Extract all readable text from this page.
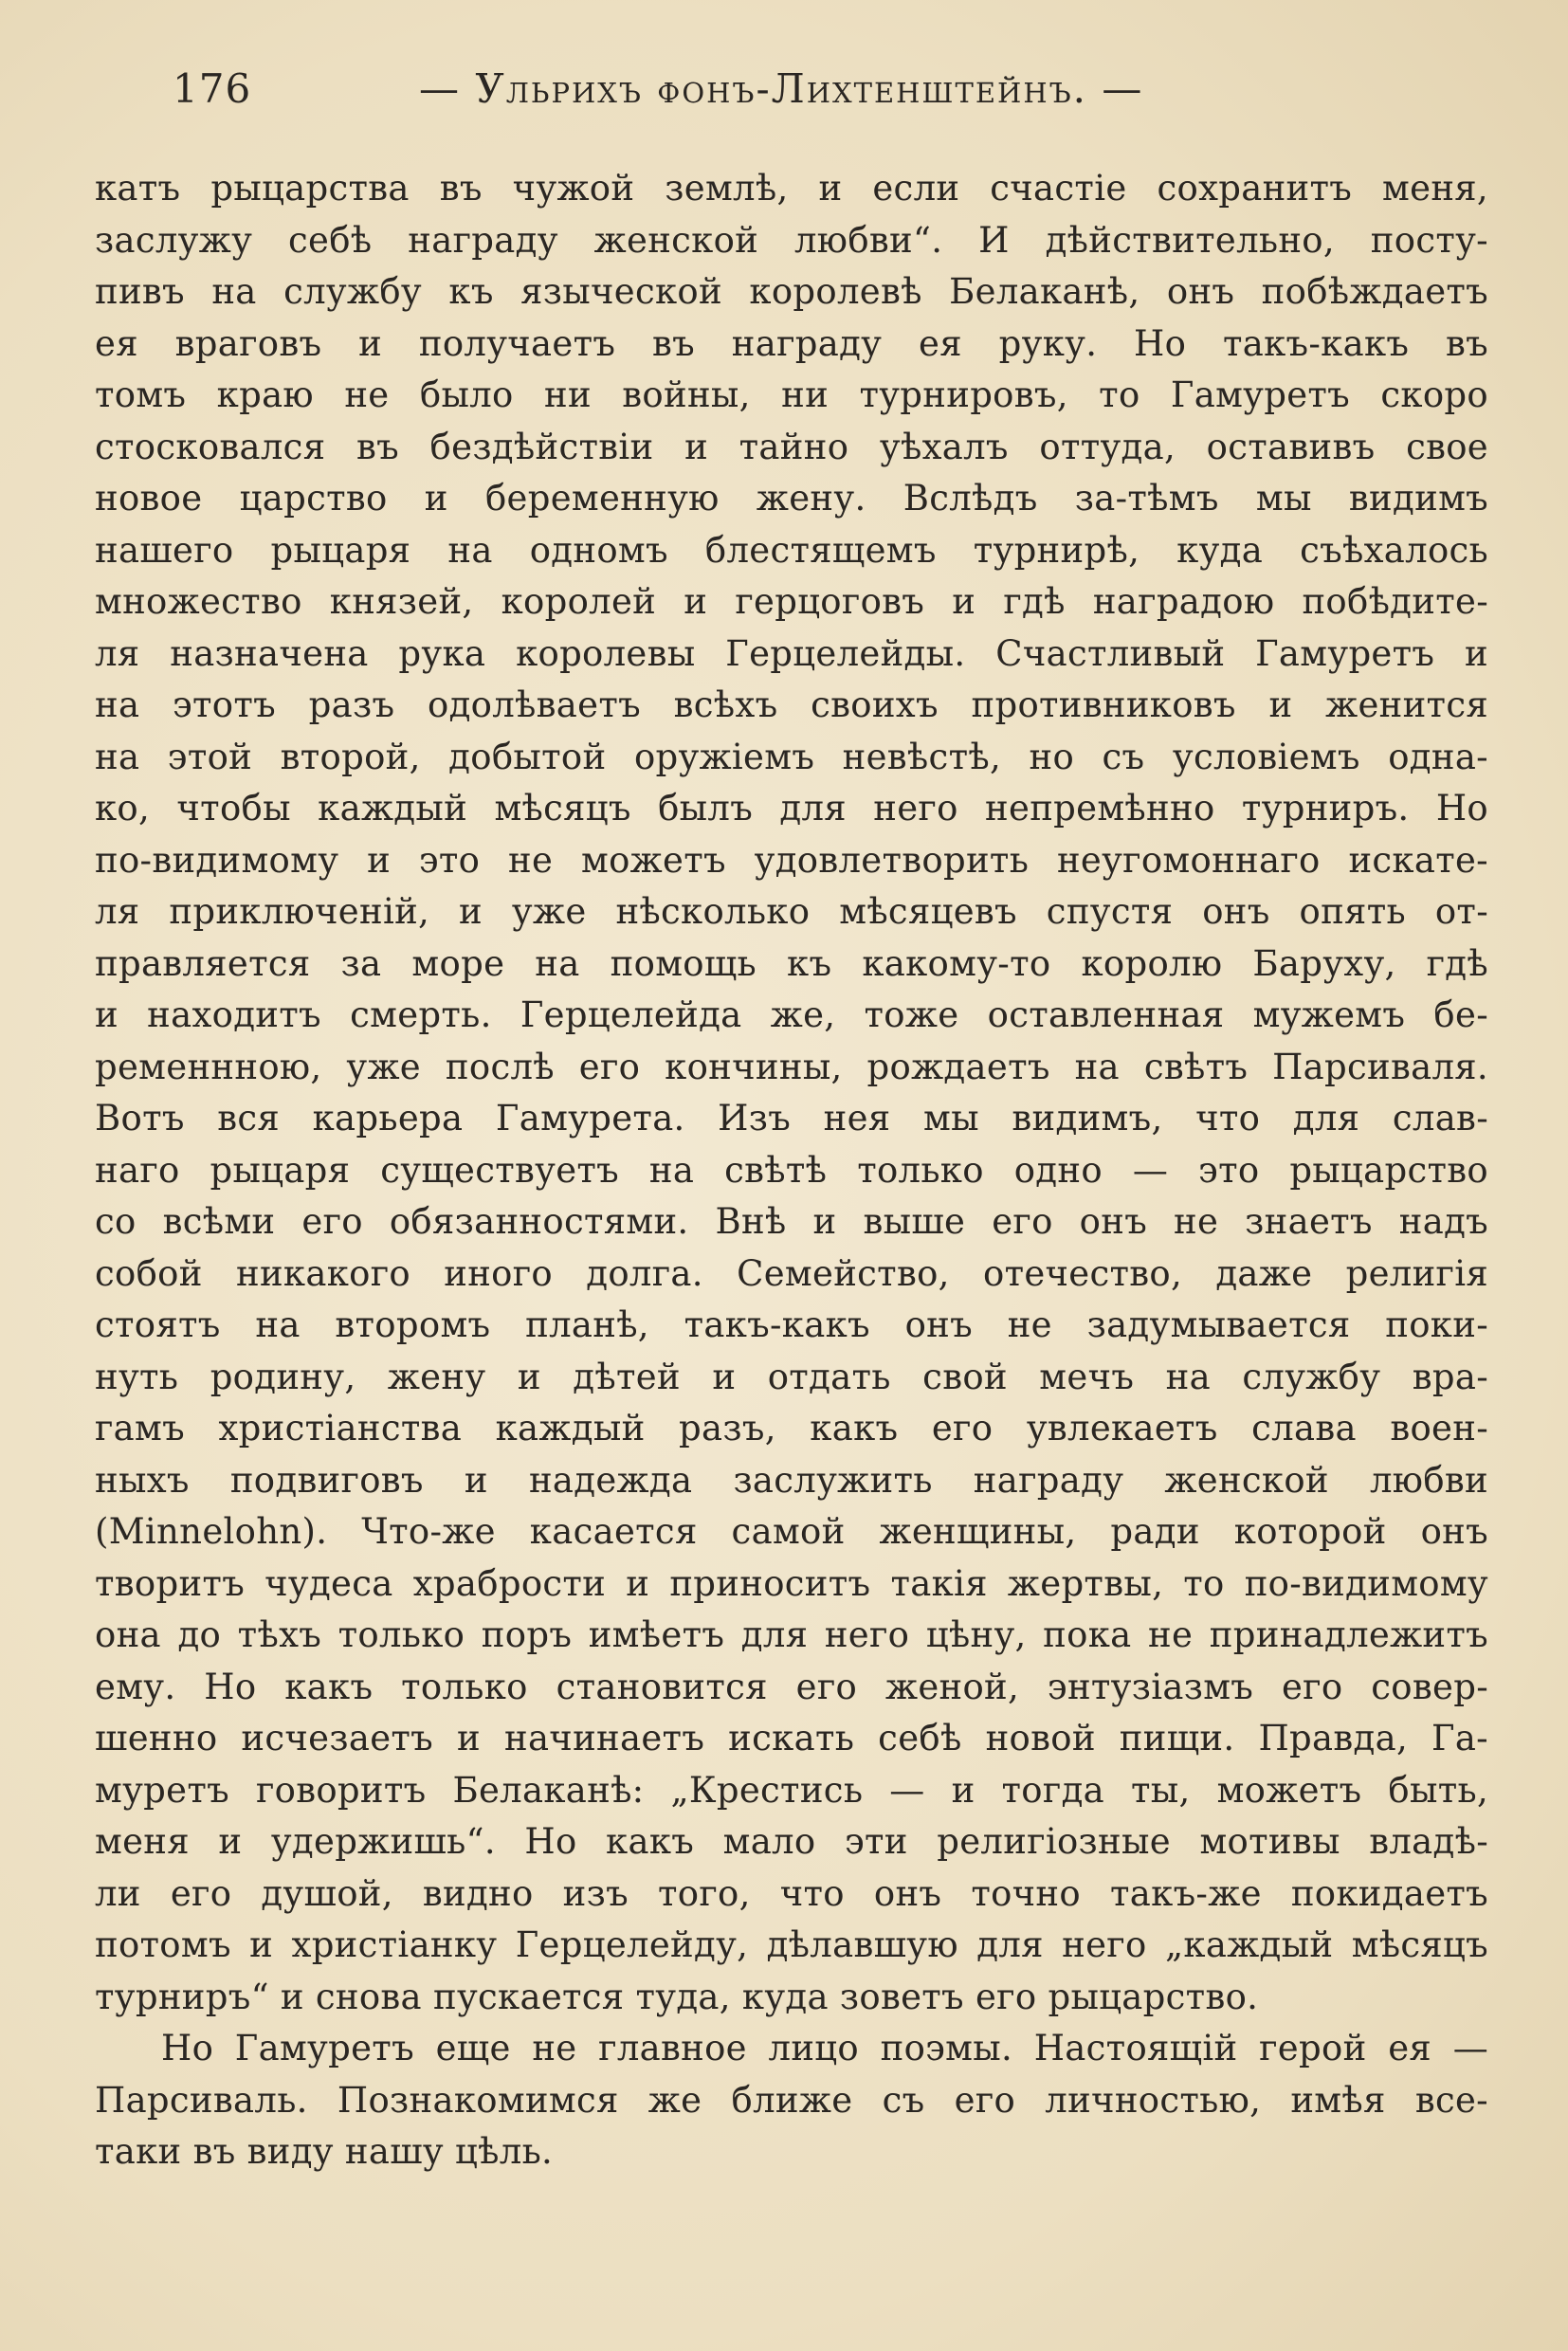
176	— Ульрихъ фонъ-Лихтенштейнъ. —
катъ рыцарства въ чужой землѣ, и если счастіе сохранитъ меня,
заслужу себѣ награду женской любви“. И дѣйствительно, посту-
пивъ на службу къ языческой королевѣ Белаканѣ, онъ побѣждаетъ
ея враговъ и получаетъ въ награду ея руку. Но такъ-какъ въ
томъ краю не было ни войны, ни турнировъ, то Гамуретъ скоро
стосковался въ бездѣйствіи и тайно уѣхалъ оттуда, оставивъ свое
новое царство и беременную жену. Вслѣдъ за-тѣмъ мы видимъ
нашего рыцаря на одномъ блестящемъ турнирѣ, куда съѣхалось
множество князей, королей и герцоговъ и гдѣ наградою побѣдите-
ля назначена рука королевы Герцелейды. Счастливый Гамуретъ и
на этотъ разъ одолѣваетъ всѣхъ своихъ противниковъ и женится
на этой второй, добытой оружіемъ невѣстѣ, но съ условіемъ однa-
ко, чтобы каждый мѣсяцъ былъ для него непремѣнно турниръ. Но
по-видимому и это не можетъ удовлетворить неугомоннаго искате-
ля приключеній, и уже нѣсколько мѣсяцевъ спустя онъ опять от-
правляется за море на помощь къ какому-то королю Баруху, гдѣ
и находитъ смерть. Герцелейда же, тоже оставленная мужемъ бе-
ременнною, уже послѣ его кончины, рождаетъ на свѣтъ Парсиваля.
Вотъ вся карьера Гамурета. Изъ нея мы видимъ, что для слав-
наго рыцаря существуетъ на свѣтѣ только одно — это рыцарство
со всѣми его обязанностями. Внѣ и выше его онъ не знаетъ надъ
собой никакого иного долга. Семейство, отечество, даже религія
стоятъ на второмъ планѣ, такъ-какъ онъ не задумывается поки-
нуть родину, жену и дѣтей и отдать свой мечъ на службу вра-
гамъ христіанства каждый разъ, какъ его увлекаетъ слава воен-
ныхъ подвиговъ и надежда заслужить награду женской любви
(Minnelohn). Что-же касается самой женщины, ради которой онъ
творитъ чудеса храбрости и приноситъ такія жертвы, то по-видимому
она до тѣхъ только поръ имѣетъ для него цѣну, пока не принадлежитъ
ему. Но какъ только становится его женой, энтузіазмъ его совер-
шенно исчезаетъ и начинаетъ искать себѣ новой пищи. Правда, Га-
муретъ говоритъ Белаканѣ: „Крестись — и тогда ты, можетъ быть,
меня и удержишь“. Но какъ мало эти религіозные мотивы владѣ-
ли его душой, видно изъ того, что онъ точно такъ-же покидаетъ
потомъ и христіанку Герцелейду, дѣлавшую для него „каждый мѣсяцъ
турниръ“ и снова пускается туда, куда зоветъ его рыцарство.
Но Гамуретъ еще не главное лицо поэмы. Настоящій герой ея —
Парсиваль. Познакомимся же ближе съ его личностью, имѣя все-
таки въ виду нашу цѣль.
